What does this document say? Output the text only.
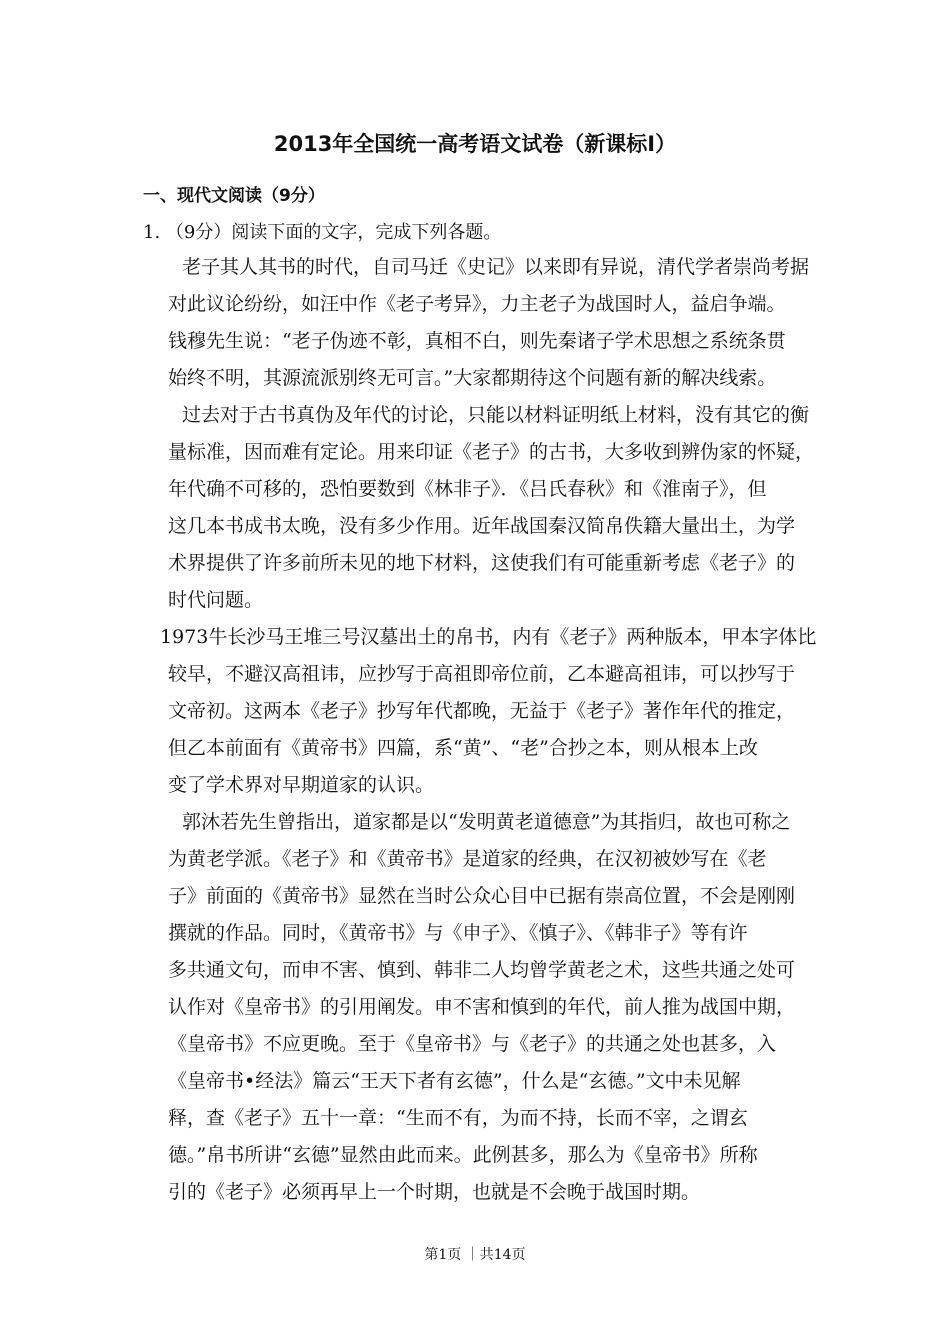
2013年全国统一高考语文试卷（新课标Ⅰ）
一、现代文阅读（9分）
1. （9分）阅读下面的文字，完成下列各题。
老子其人其书的时代，自司马迁《史记》以来即有异说，清代学者崇尚考据
对此议论纷纷，如汪中作《老子考异》，力主老子为战国时人，益启争端。
钱穆先生说：“老子伪迹不彰，真相不白，则先秦诸子学术思想之系统条贯
始终不明，其源流派别终无可言。”大家都期待这个问题有新的解决线索。
过去对于古书真伪及年代的讨论，只能以材料证明纸上材料，没有其它的衡
量标准，因而难有定论。用来印证《老子》的古书，大多收到辨伪家的怀疑，
年代确不可移的，恐怕要数到《林非子》．《吕氏春秋》和《淮南子》，但
这几本书成书太晚，没有多少作用。近年战国秦汉简帛佚籍大量出土，为学
术界提供了许多前所未见的地下材料，这使我们有可能重新考虑《老子》的
时代问题。
1973牛长沙马王堆三号汉墓出土的帛书，内有《老子》两种版本，甲本字体比
较早，不避汉高祖讳，应抄写于高祖即帝位前，乙本避高祖讳，可以抄写于
文帝初。这两本《老子》抄写年代都晚，无益于《老子》著作年代的推定，
但乙本前面有《黄帝书》四篇，系“黄”、“老”合抄之本，则从根本上改
变了学术界对早期道家的认识。
郭沐若先生曾指出，道家都是以“发明黄老道德意”为其指归，故也可称之
为黄老学派。《老子》和《黄帝书》是道家的经典，在汉初被妙写在《老
子》前面的《黄帝书》显然在当时公众心目中已据有崇高位置，不会是刚刚
撰就的作品。同时，《黄帝书》与《申子》、《慎子》、《韩非子》等有许
多共通文句，而申不害、慎到、韩非二人均曾学黄老之术，这些共通之处可
认作对《皇帝书》的引用阐发。申不害和慎到的年代，前人推为战国中期，
《皇帝书》不应更晚。至于《皇帝书》与《老子》的共通之处也甚多，入
《皇帝书•经法》篇云“王天下者有玄德”，什么是“玄德。”文中未见解
释，查《老子》五十一章：“生而不有，为而不持，长而不宰，之谓玄
德。”帛书所讲“玄德”显然由此而来。此例甚多，那么为《皇帝书》所称
引的《老子》必须再早上一个时期，也就是不会晚于战国时期。
第1页 ｜共14页
